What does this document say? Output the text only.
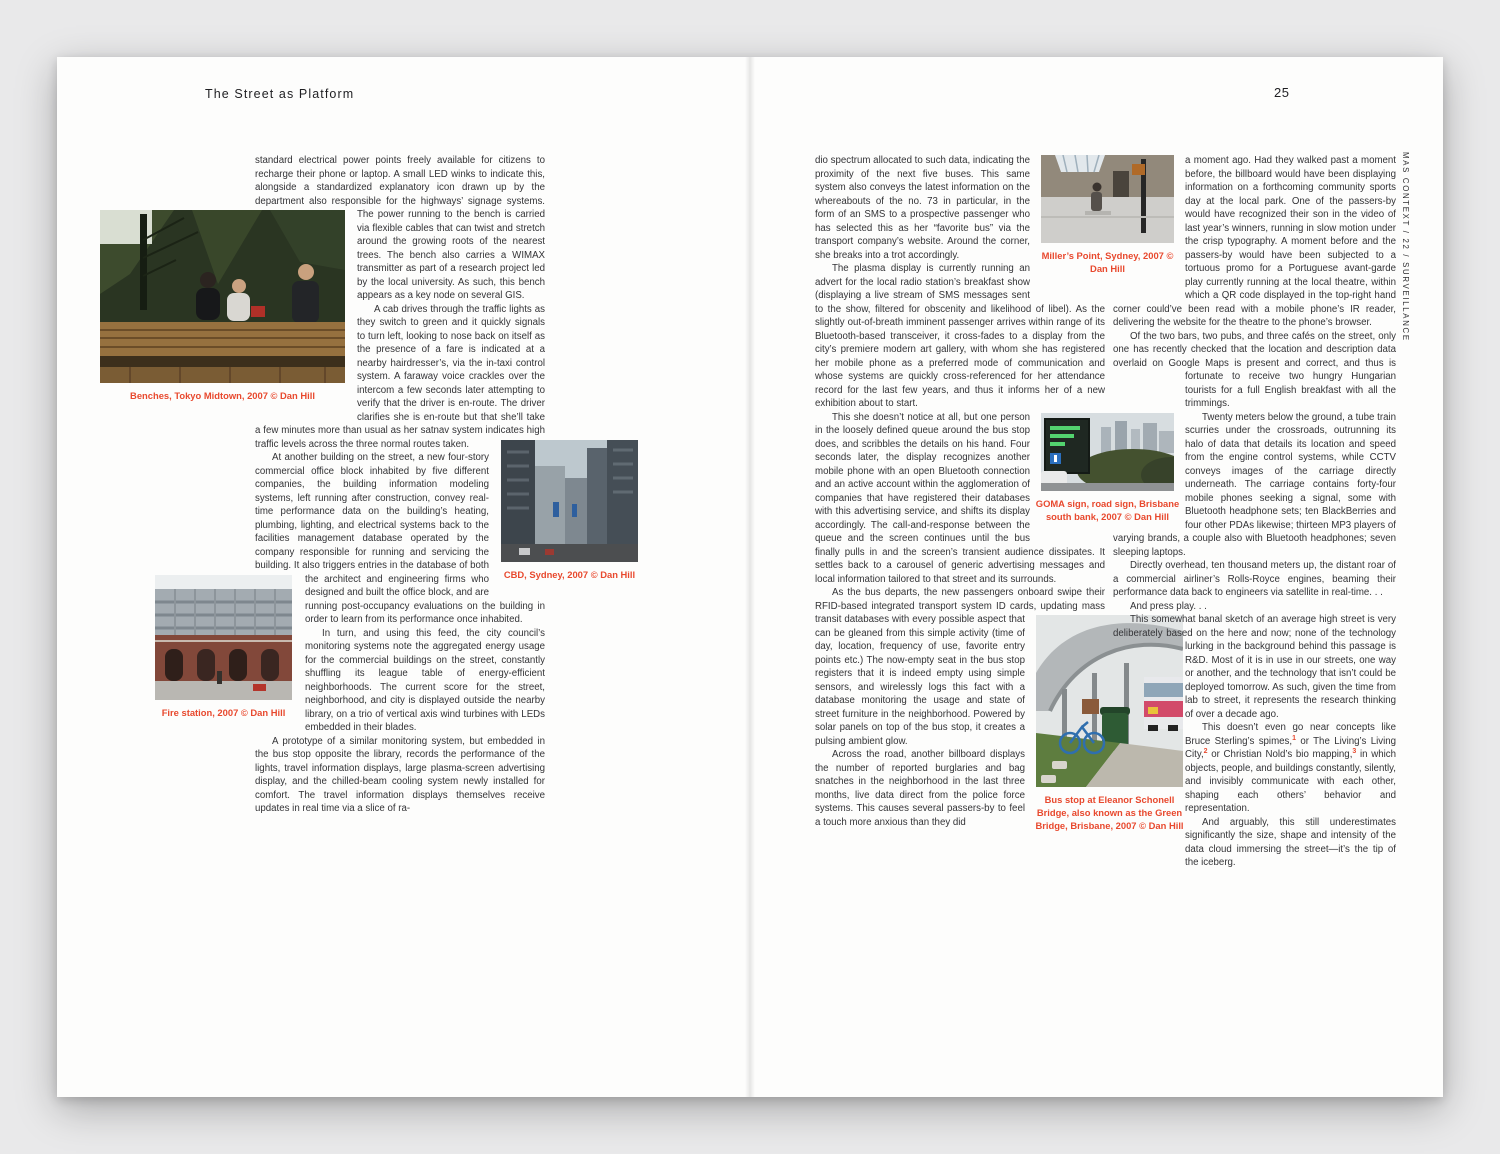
The Street as Platform

standard electrical power points freely available for citizens to recharge their phone or laptop. A small LED winks to indicate this, alongside a standardized explanatory icon drawn up by the department also responsible for the highways’ signage systems.
Benches, Tokyo Midtown, 2007 © Dan Hill
The power running to the bench is carried via flexible cables that can twist and stretch around the growing roots of the nearest trees. The bench also carries a WIMAX transmitter as part of a research project led by the local university. As such, this bench appears as a key node on several GIS.

A cab drives through the traffic lights as they switch to green and it quickly signals to turn left, looking to nose back on itself as the presence of a fare is indicated at a nearby hairdresser’s, via the in-taxi control system. A faraway voice crackles over the intercom a few seconds later attempting to verify that the driver is en-route. The driver clarifies she is en-route but that she’ll take a few minutes more than usual as her satnav system indicates
CBD, Sydney, 2007 © Dan Hill
high traffic levels across the three normal routes taken.

At another building on the street, a new four-story commercial office block inhabited by five different companies, the building information modeling systems, left running after construction, convey real-time performance data on the building’s heating, plumbing, lighting, and electrical systems back to the facilities management database operated by the company responsible for running and servicing the building. It also triggers entries in the database
Fire station, 2007 © Dan Hill
of both the architect and engineering firms who designed and built the office block, and are running post-occupancy evaluations on the building in order to learn from its performance once inhabited.

In turn, and using this feed, the city council’s monitoring systems note the aggregated energy usage for the commercial buildings on the street, constantly shuffling its league table of energy-efficient neighborhoods. The current score for the street, neighborhood, and city is displayed outside the nearby library, on a trio of vertical axis wind turbines with LEDs embedded in their blades.

A prototype of a similar monitoring system, but embedded in the bus stop opposite the library, records the performance of the lights, travel information displays, large plasma-screen advertising display, and the chilled-beam cooling system newly installed for comfort. The travel information displays themselves receive updates in real time via a slice of ra-

25
MAS CONTEXT / 22 / SURVEILLANCE

Miller’s Point, Sydney, 2007 © Dan Hill
dio spectrum allocated to such data, indicating the proximity of the next five buses. This same system also conveys the latest information on the whereabouts of the no. 73 in particular, in the form of an SMS to a prospective passenger who has selected this as her “favorite bus” via the transport company’s website. Around the corner, she breaks into a trot accordingly.

The plasma display is currently running an advert for the local radio station’s breakfast show (displaying a live stream of SMS messages sent to the show, filtered for obscenity and likelihood of libel). As the slightly out-of-breath imminent passenger arrives within range of its Bluetooth-based transceiver, it cross-fades to a display from the city’s premiere modern art gallery, with whom she has registered her mobile phone as a preferred mode of communication and whose systems are quickly cross-referenced for her attendance record for the last few years, and thus it informs her of a new exhibition about to start.

GOMA sign, road sign, Brisbane south bank, 2007 © Dan Hill
This she doesn’t notice at all, but one person in the loosely defined queue around the bus stop does, and scribbles the details on his hand. Four seconds later, the display recognizes another mobile phone with an open Bluetooth connection and an active account within the agglomeration of companies that have registered their databases with this advertising service, and shifts its display accordingly. The call-and-response between the queue and the screen continues until the bus finally pulls in and the screen’s transient audience dissipates. It settles back to a carousel of generic advertising messages and local information tailored to that street and its surrounds.

As the bus departs, the new passengers onboard swipe their RFID-based integrated transport system ID cards, updating mass transit databases
Bus stop at Eleanor Schonell Bridge, also known as the Green Bridge, Brisbane, 2007 © Dan Hill
with every possible aspect that can be gleaned from this simple activity (time of day, location, frequency of use, favorite entry points etc.) The now-empty seat in the bus stop registers that it is indeed empty using simple sensors, and wirelessly logs this fact with a database monitoring the usage and state of street furniture in the neighborhood. Powered by solar panels on top of the bus stop, it creates a pulsing ambient glow.

Across the road, another billboard displays the number of reported burglaries and bag snatches in the neighborhood in the last three months, live data direct from the police force systems. This causes several passers-by to feel a touch more anxious than they did

a moment ago. Had they walked past a moment before, the billboard would have been displaying information on a forthcoming community sports day at the local park. One of the passers-by would have recognized their son in the video of last year’s winners, running in slow motion under the crisp typography. A moment before and the passers-by would have been subjected to a tortuous promo for a Portuguese avant-garde play currently running at the local theatre, within which a QR code displayed in the top-right hand corner could’ve been read with a mobile phone’s IR reader, delivering the website for the theatre to the phone’s browser.

Of the two bars, two pubs, and three cafés on the street, only one has recently checked that the location and description data overlaid on Google Maps is present and correct, and thus is fortunate to receive two hungry Hungarian tourists for a full English breakfast with all the trimmings.

Twenty meters below the ground, a tube train scurries under the crossroads, outrunning its halo of data that details its location and speed from the engine control systems, while CCTV conveys images of the carriage directly underneath. The carriage contains forty-four mobile phones seeking a signal, some with Bluetooth headphone sets; ten BlackBerries and four other PDAs likewise; thirteen MP3 players of varying brands, a couple also with Bluetooth headphones; seven sleeping laptops.

Directly overhead, ten thousand meters up, the distant roar of a commercial airliner’s Rolls-Royce engines, beaming their performance data back to engineers via satellite in real-time. . .

And press play. . .

This somewhat banal sketch of an average high street is very deliberately based on the here and now; none of the technology lurking in the background behind this passage is R&D. Most of it is in use in our streets, one way or another, and the technology that isn’t could be deployed tomorrow. As such, given the time from lab to street, it represents the research thinking of over a decade ago.

This doesn’t even go near concepts like Bruce Sterling’s spimes,$^1$ or The Living’s Living City,$^2$ or Christian Nold’s bio mapping,$^3$ in which objects, people, and buildings constantly, silently, and invisibly communicate with each other, shaping each others’ behavior and representation.

And arguably, this still underestimates significantly the size, shape and intensity of the data cloud immersing the street—it’s the tip of the iceberg.
